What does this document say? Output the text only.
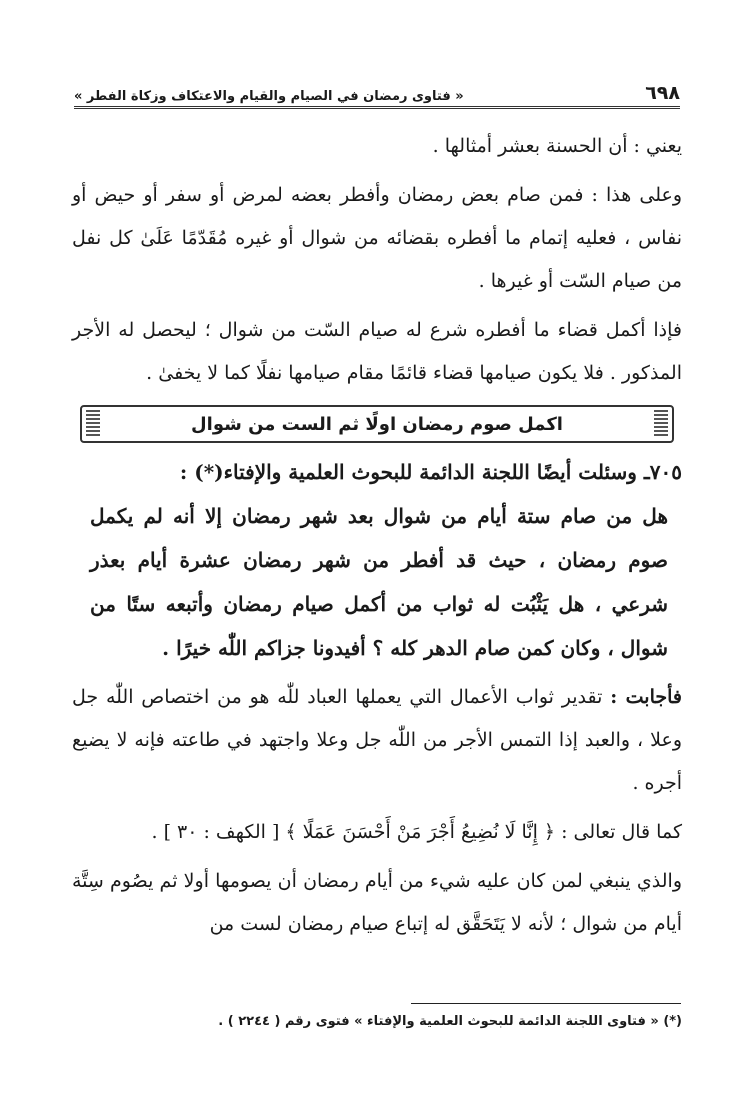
٦٩٨
« فتاوى رمضان في الصيام والقيام والاعتكاف وزكاة الفطر »

يعني : أن الحسنة بعشر أمثالها .

وعلى هذا : فمن صام بعض رمضان وأفطر بعضه لمرض أو سفر أو حيض أو نفاس ، فعليه إتمام ما أفطره بقضائه من شوال أو غيره مُقَدّمًا عَلَىٰ كل نفل من صيام السّت أو غيرها .

فإذا أكمل قضاء ما أفطره شرع له صيام السّت من شوال ؛ ليحصل له الأجر المذكور . فلا يكون صيامها قضاء قائمًا مقام صيامها نفلًا كما لا يخفىٰ .

اكمل صوم رمضان اولًا ثم الست من شوال

٧٠٥ـ وسئلت أيضًا اللجنة الدائمة للبحوث العلمية والإفتاء(*) :

هل من صام ستة أيام من شوال بعد شهر رمضان إلا أنه لم يكمل صوم رمضان ، حيث قد أفطر من شهر رمضان عشرة أيام بعذر شرعي ، هل يَثْبُت له ثواب من أكمل صيام رمضان وأتبعه ستًا من شوال ، وكان كمن صام الدهر كله ؟ أفيدونا جزاكم اللّٰه خيرًا .

فأجابت : تقدير ثواب الأعمال التي يعملها العباد للّٰه هو من اختصاص اللّٰه جل وعلا ، والعبد إذا التمس الأجر من اللّٰه جل وعلا واجتهد في طاعته فإنه لا يضيع أجره .

كما قال تعالى : ﴿ إِنَّا لَا نُضِيعُ أَجْرَ مَنْ أَحْسَنَ عَمَلًا ﴾ [ الكهف : ٣٠ ] .

والذي ينبغي لمن كان عليه شيء من أيام رمضان أن يصومها أولا ثم يصُوم سِتَّة أيام من شوال ؛ لأنه لا يَتَحَقَّق له إتباع صيام رمضان لست من

(*) « فتاوى اللجنة الدائمة للبحوث العلمية والإفتاء » فتوى رقم ( ٢٢٤٤ ) .
